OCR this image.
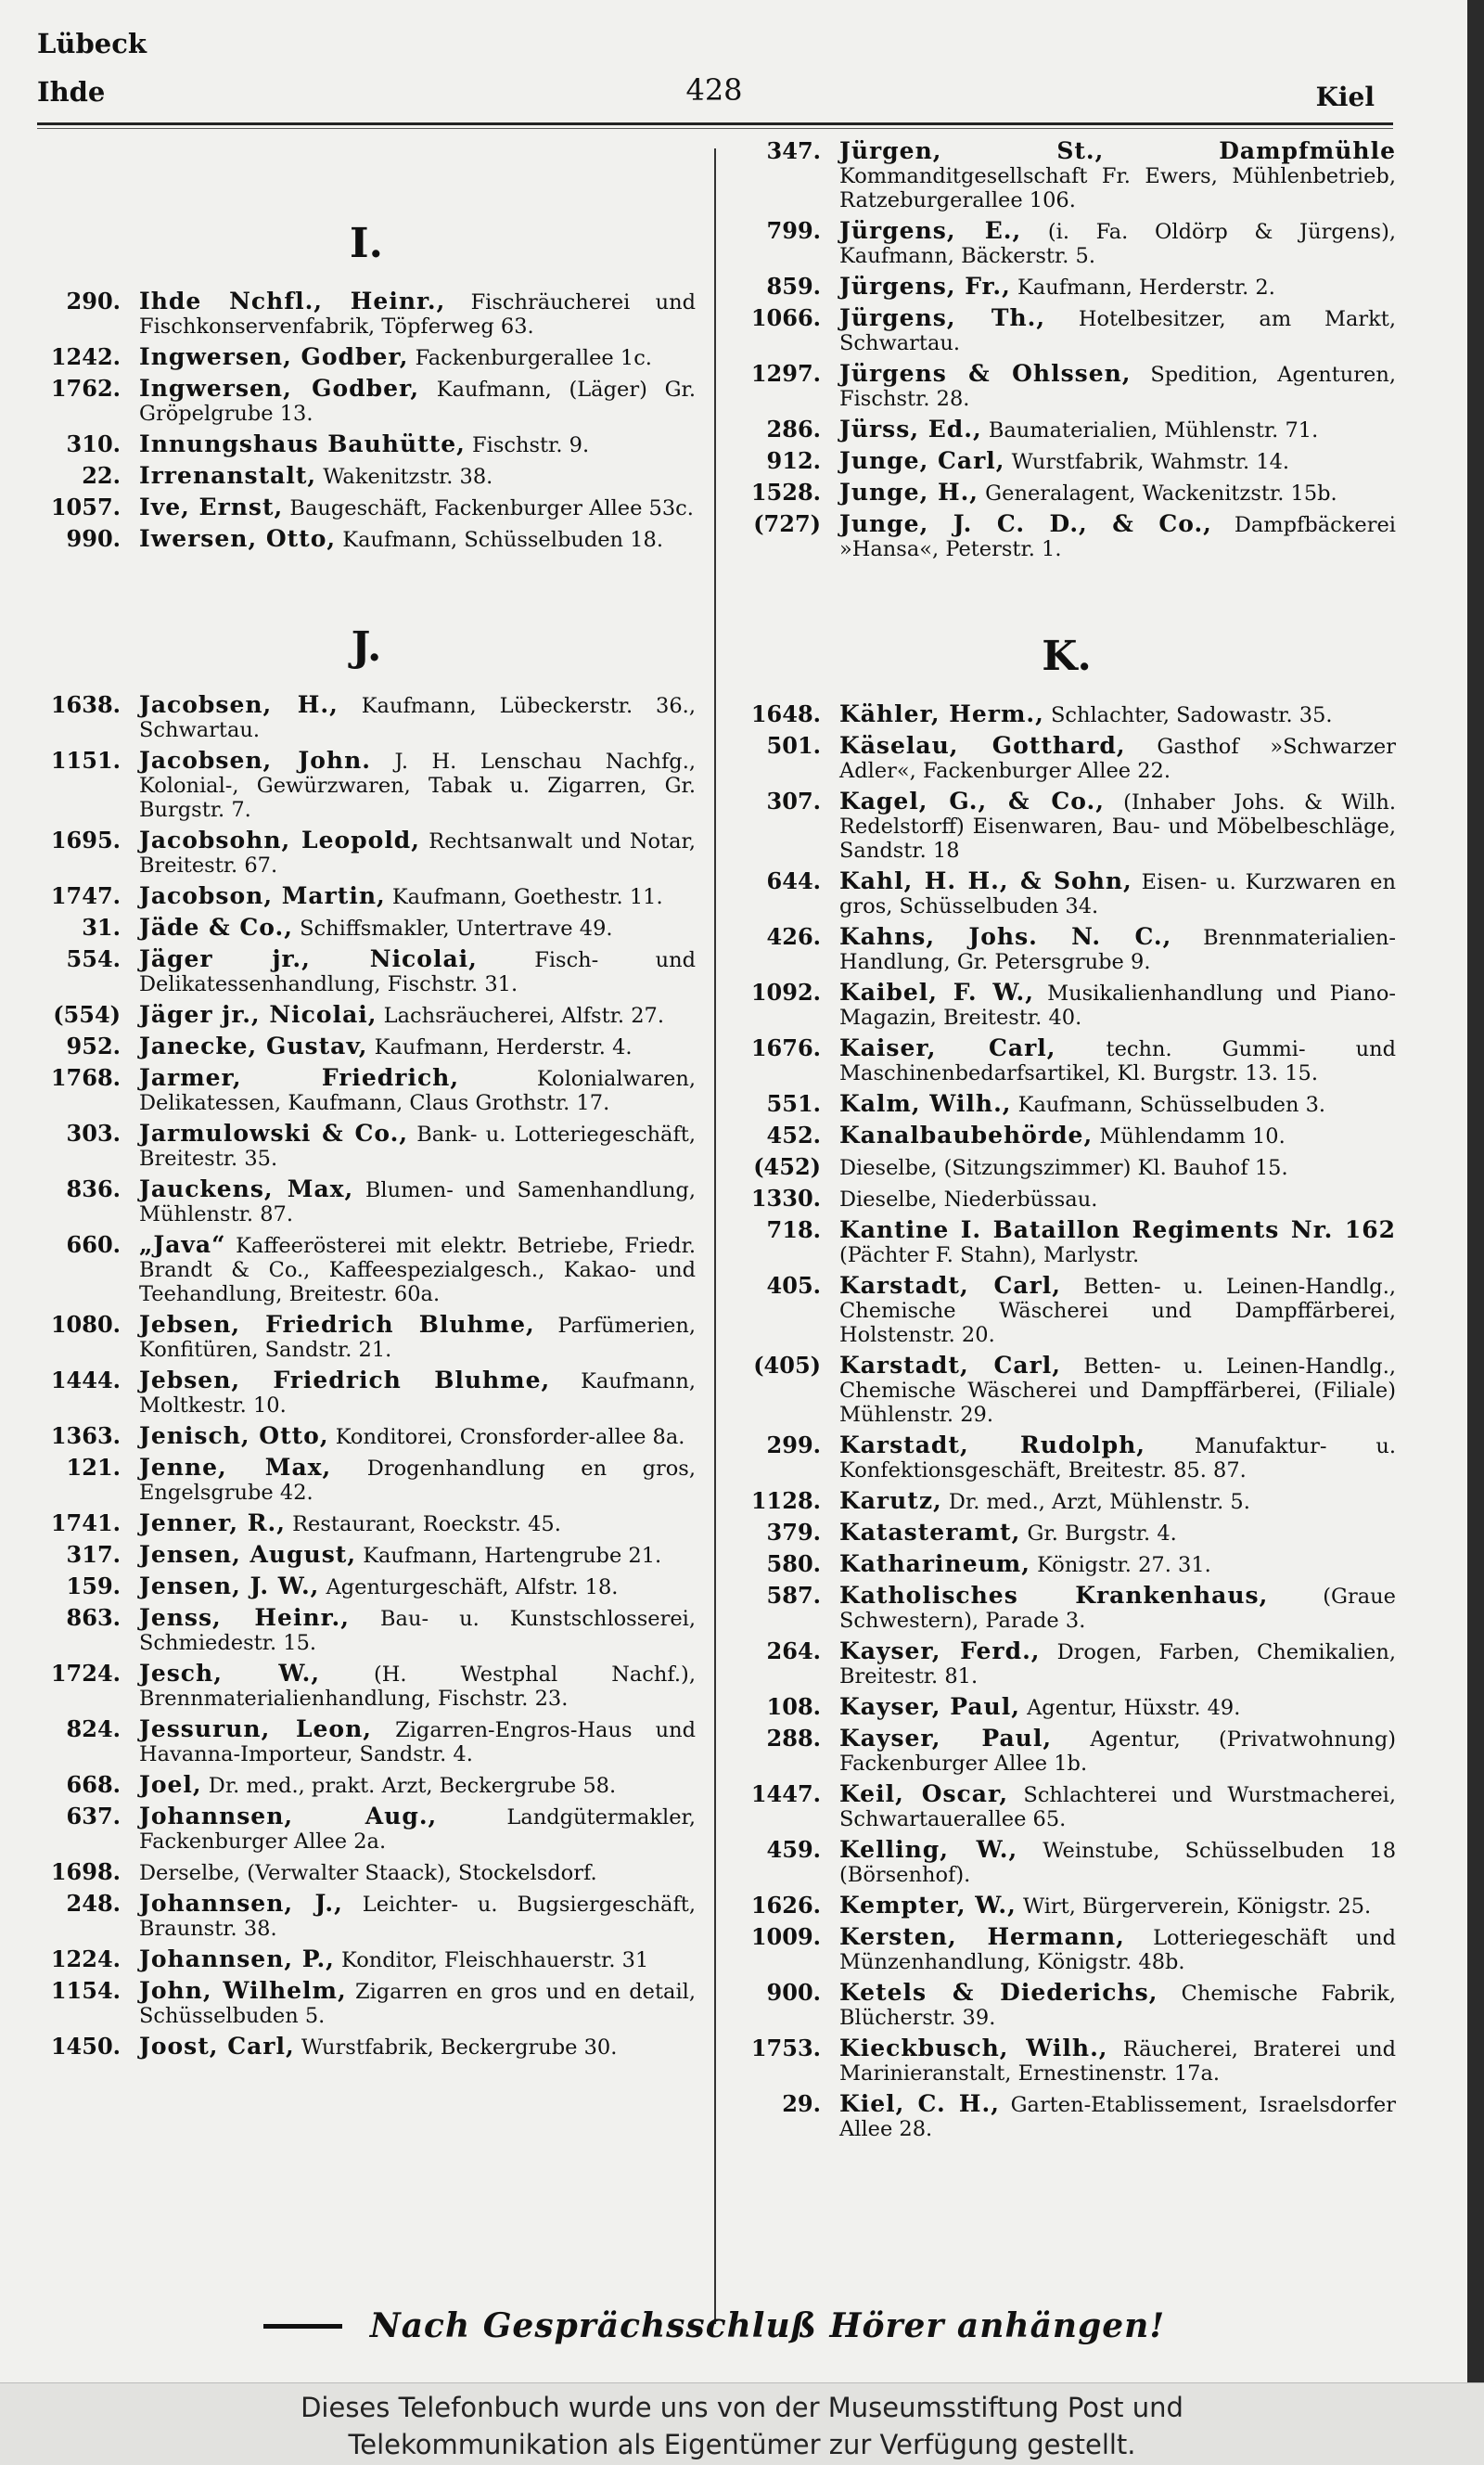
Lübeck
Ihde	428	Kiel
I.
290. Ihde Nchfl., Heinr., Fischräucherei und Fischkonservenfabrik, Töpferweg 63.
1242. Ingwersen, Godber, Fackenburgerallee 1c.
1762. Ingwersen, Godber, Kaufmann, (Läger) Gr. Gröpelgrube 13.
310. Innungshaus Bauhütte, Fischstr. 9.
22. Irrenanstalt, Wakenitzstr. 38.
1057. Ive, Ernst, Baugeschäft, Fackenburger Allee 53c.
990. Iwersen, Otto, Kaufmann, Schüsselbuden 18.
J.
1638. Jacobsen, H., Kaufmann, Lübeckerstr. 36., Schwartau.
1151. Jacobsen, John. J. H. Lenschau Nachfg., Kolonial-, Gewürzwaren, Tabak u. Zigarren, Gr. Burgstr. 7.
1695. Jacobsohn, Leopold, Rechtsanwalt und Notar, Breitestr. 67.
1747. Jacobson, Martin, Kaufmann, Goethestr. 11.
31. Jäde & Co., Schiffsmakler, Untertrave 49.
554. Jäger jr., Nicolai,	Fisch- und Delikatessenhandlung, Fischstr. 31.
(554) Jäger jr., Nicolai, Lachsräucherei, Alfstr. 27.
952. Janecke, Gustav, Kaufmann, Herderstr. 4.
1768. Jarmer, Friedrich,	Kolonialwaren, Delikatessen, Kaufmann, Claus Grothstr. 17.
303. Jarmulowski & Co., Bank- u. Lotteriegeschäft, Breitestr. 35.
836. Jauckens, Max, Blumen- und Samenhandlung, Mühlenstr. 87.
660. „Java“ Kaffeerösterei mit elektr. Betriebe, Friedr. Brandt & Co., Kaffeespezialgesch., Kakao- und Teehandlung, Breitestr. 60a.
1080. Jebsen, Friedrich Bluhme, Parfümerien, Konfitüren, Sandstr. 21.
1444. Jebsen, Friedrich Bluhme, Kaufmann, Moltkestr. 10.
1363. Jenisch, Otto, Konditorei, Cronsforder-allee 8a.
121. Jenne, Max, Drogenhandlung en gros, Engelsgrube 42.
1741. Jenner, R., Restaurant, Roeckstr. 45.
317. Jensen, August, Kaufmann, Hartengrube 21.
159. Jensen, J. W., Agenturgeschäft, Alfstr. 18.
863. Jenss, Heinr., Bau- u. Kunstschlosserei, Schmiedestr. 15.
1724. Jesch, W.,	(H. Westphal Nachf.), Brennmaterialienhandlung, Fischstr. 23.
824. Jessurun, Leon, Zigarren-Engros-Haus und Havanna-Importeur, Sandstr. 4.
668. Joel, Dr. med., prakt. Arzt, Beckergrube 58.
637. Johannsen, Aug.,	Landgütermakler, Fackenburger Allee 2a.
1698. Derselbe, (Verwalter Staack), Stockelsdorf.
248. Johannsen, J., Leichter- u. Bugsiergeschäft, Braunstr. 38.
1224. Johannsen, P., Konditor, Fleischhauerstr. 31
1154. John, Wilhelm, Zigarren en gros und en detail, Schüsselbuden 5.
1450. Joost, Carl, Wurstfabrik, Beckergrube 30.
347. Jürgen, St., Dampfmühle Kommanditgesellschaft Fr. Ewers, Mühlenbetrieb, Ratzeburgerallee 106.
799. Jürgens, E., (i. Fa. Oldörp & Jürgens), Kaufmann, Bäckerstr. 5.
859. Jürgens, Fr., Kaufmann, Herderstr. 2.
1066. Jürgens, Th., Hotelbesitzer, am Markt, Schwartau.
1297. Jürgens & Ohlssen, Spedition, Agenturen, Fischstr. 28.
286. Jürss, Ed., Baumaterialien, Mühlenstr. 71.
912. Junge, Carl, Wurstfabrik, Wahmstr. 14.
1528. Junge, H., Generalagent, Wackenitzstr. 15b.
(727) Junge, J. C. D., & Co., Dampfbäckerei »Hansa«, Peterstr. 1.
K.
1648. Kähler, Herm., Schlachter, Sadowastr. 35.
501. Käselau, Gotthard, Gasthof »Schwarzer Adler«, Fackenburger Allee 22.
307. Kagel, G., & Co., (Inhaber Johs. & Wilh. Redelstorff) Eisenwaren, Bau- und Möbelbeschläge, Sandstr. 18
644. Kahl, H. H., & Sohn, Eisen- u. Kurzwaren en gros, Schüsselbuden 34.
426. Kahns, Johs. N. C., Brennmaterialien-Handlung, Gr. Petersgrube 9.
1092. Kaibel, F. W., Musikalienhandlung und Piano-Magazin, Breitestr. 40.
1676. Kaiser, Carl, techn. Gummi- und Maschinenbedarfsartikel, Kl. Burgstr. 13. 15.
551. Kalm, Wilh., Kaufmann, Schüsselbuden 3.
452. Kanalbaubehörde, Mühlendamm 10.
(452) Dieselbe, (Sitzungszimmer) Kl. Bauhof 15.
1330. Dieselbe, Niederbüssau.
718. Kantine I. Bataillon Regiments Nr. 162 (Pächter F. Stahn), Marlystr.
405. Karstadt, Carl, Betten- u. Leinen-Handlg., Chemische Wäscherei und Dampffärberei, Holstenstr. 20.
(405) Karstadt, Carl, Betten- u. Leinen-Handlg., Chemische Wäscherei und Dampffärberei, (Filiale) Mühlenstr. 29.
299. Karstadt, Rudolph, Manufaktur- u. Konfektionsgeschäft, Breitestr. 85. 87.
1128. Karutz, Dr. med., Arzt, Mühlenstr. 5.
379. Katasteramt, Gr. Burgstr. 4.
580. Katharineum, Königstr. 27. 31.
587. Katholisches Krankenhaus,	(Graue Schwestern), Parade 3.
264. Kayser, Ferd., Drogen, Farben, Chemikalien, Breitestr. 81.
108. Kayser, Paul, Agentur, Hüxstr. 49.
288. Kayser, Paul, Agentur, (Privatwohnung) Fackenburger Allee 1b.
1447. Keil, Oscar, Schlachterei und Wurstmacherei, Schwartauerallee 65.
459. Kelling, W., Weinstube, Schüsselbuden 18 (Börsenhof).
1626. Kempter, W., Wirt, Bürgerverein, Königstr. 25.
1009. Kersten, Hermann, Lotteriegeschäft und Münzenhandlung, Königstr. 48b.
900. Ketels & Diederichs, Chemische Fabrik, Blücherstr. 39.
1753. Kieckbusch, Wilh., Räucherei, Braterei und Marinieranstalt, Ernestinenstr. 17a.
29. Kiel, C. H., Garten-Etablissement, Israelsdorfer Allee 28.
Nach Gesprächsschluß Hörer anhängen!
Dieses Telefonbuch wurde uns von der Museumsstiftung Post und
Telekommunikation als Eigentümer zur Verfügung gestellt.
